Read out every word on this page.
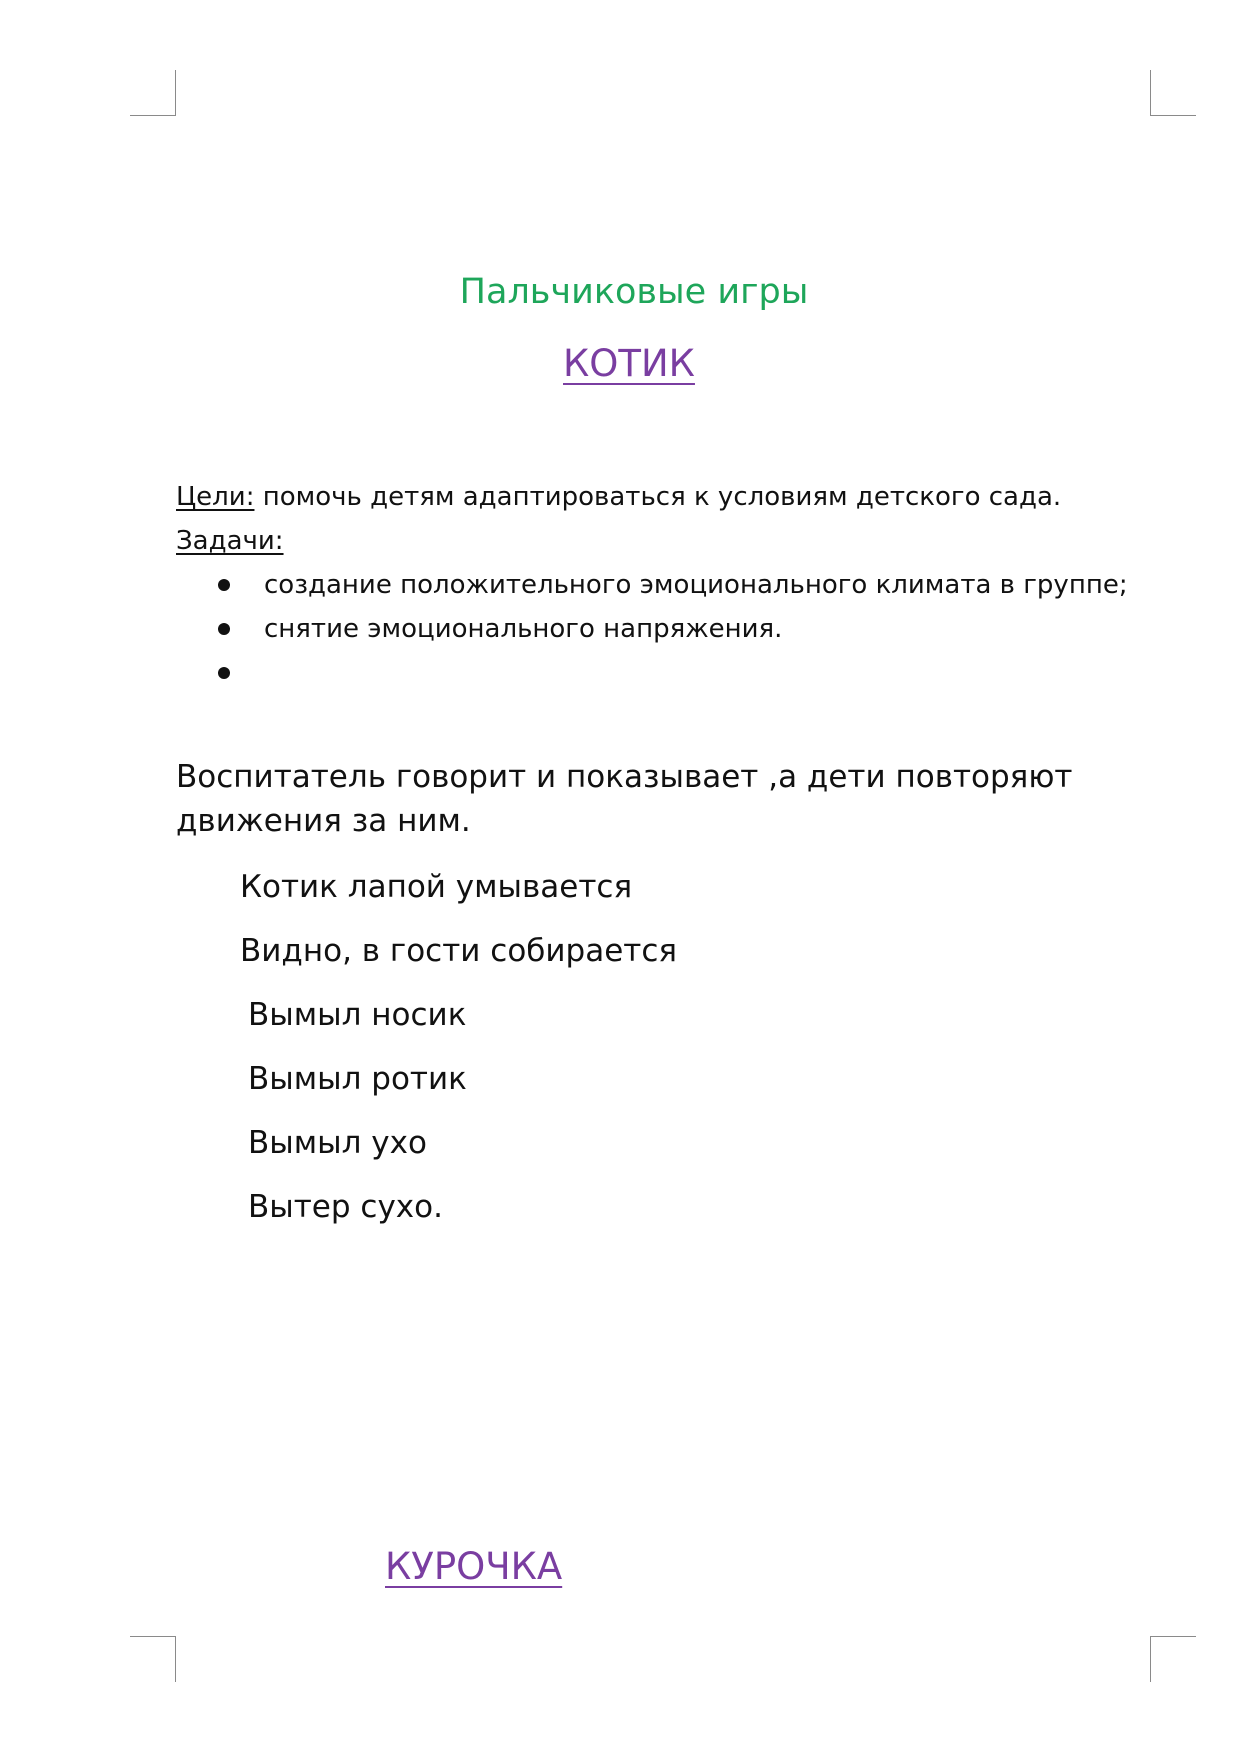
Пальчиковые игры
КОТИК
Цели: помочь детям адаптироваться к условиям детского сада.
Задачи:
создание положительного эмоционального климата в группе;
снятие эмоционального напряжения.

Воспитатель говорит и показывает ,а дети повторяют движения за ним.

Котик лапой умывается
Видно, в гости собирается
Вымыл носик
Вымыл ротик
Вымыл ухо
Вытер сухо.
КУРОЧКА
